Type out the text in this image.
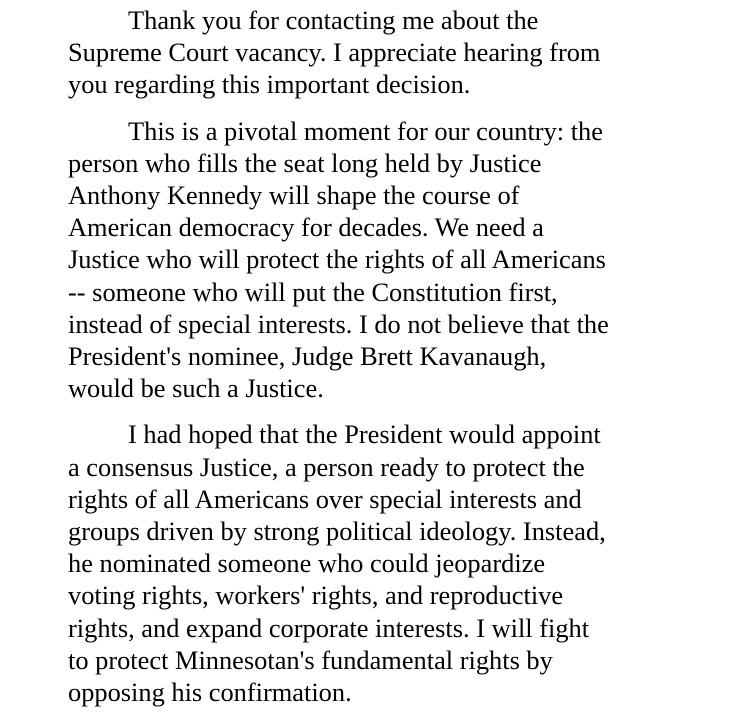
Thank you for contacting me about the
Supreme Court vacancy. I appreciate hearing from
you regarding this important decision.
This is a pivotal moment for our country: the
person who fills the seat long held by Justice
Anthony Kennedy will shape the course of
American democracy for decades. We need a
Justice who will protect the rights of all Americans
-- someone who will put the Constitution first,
instead of special interests. I do not believe that the
President's nominee, Judge Brett Kavanaugh,
would be such a Justice.
I had hoped that the President would appoint
a consensus Justice, a person ready to protect the
rights of all Americans over special interests and
groups driven by strong political ideology. Instead,
he nominated someone who could jeopardize
voting rights, workers' rights, and reproductive
rights, and expand corporate interests. I will fight
to protect Minnesotan's fundamental rights by
opposing his confirmation.
